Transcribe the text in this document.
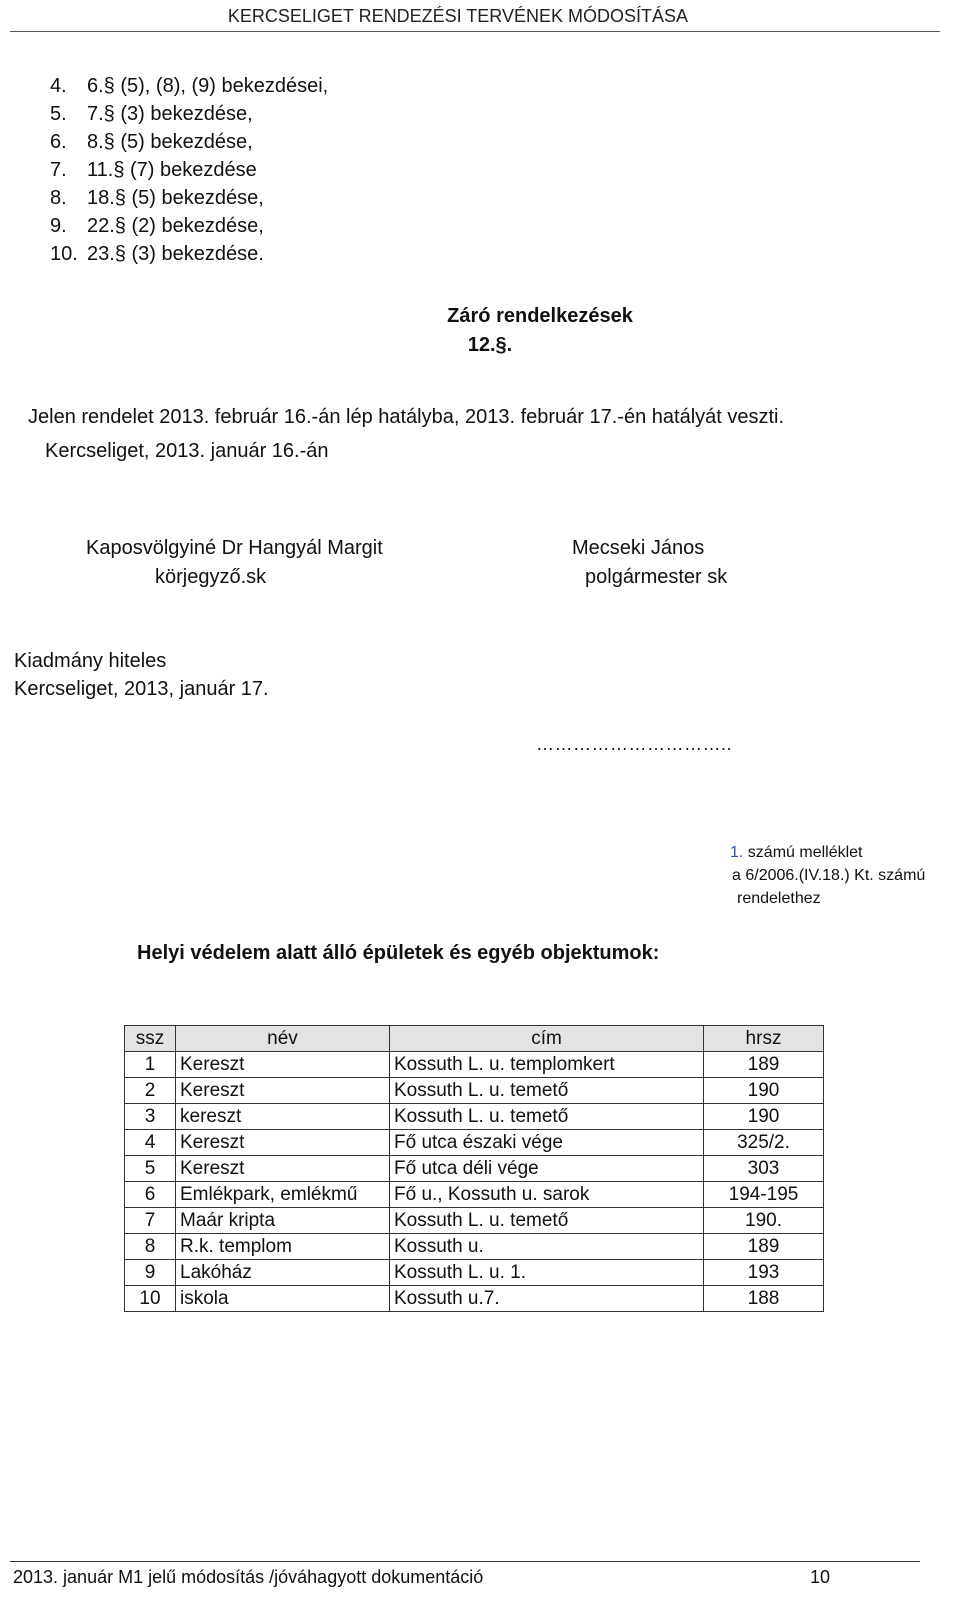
KERCSELIGET RENDEZÉSI TERVÉNEK MÓDOSÍTÁSA
4. 6.§ (5), (8), (9) bekezdései,
5. 7.§ (3) bekezdése,
6. 8.§ (5) bekezdése,
7. 11.§ (7) bekezdése
8. 18.§ (5) bekezdése,
9. 22.§ (2) bekezdése,
10. 23.§ (3) bekezdése.
Záró rendelkezések
12.§.
Jelen rendelet 2013. február 16.-án lép hatályba, 2013. február 17.-én hatályát veszti.
Kercseliget, 2013. január 16.-án
Kaposvölgyiné Dr Hangyál Margit
körjegyző.sk
Mecseki János
polgármester sk
Kiadmány hiteles
Kercseliget, 2013, január 17.
…………………………..
1. számú melléklet
a 6/2006.(IV.18.) Kt. számú
rendelethez
Helyi védelem alatt álló épületek és egyéb objektumok:
ssz	név	cím	hrsz
1	Kereszt	Kossuth L. u. templomkert	189
2	Kereszt	Kossuth L. u. temető	190
3	kereszt	Kossuth L. u. temető	190
4	Kereszt	Fő utca északi vége	325/2.
5	Kereszt	Fő utca déli vége	303
6	Emlékpark, emlékmű	Fő u., Kossuth u. sarok	194-195
7	Maár kripta	Kossuth L. u. temető	190.
8	R.k. templom	Kossuth u.	189
9	Lakóház	Kossuth L. u. 1.	193
10	iskola	Kossuth u.7.	188
2013. január M1 jelű módosítás /jóváhagyott dokumentáció	10
